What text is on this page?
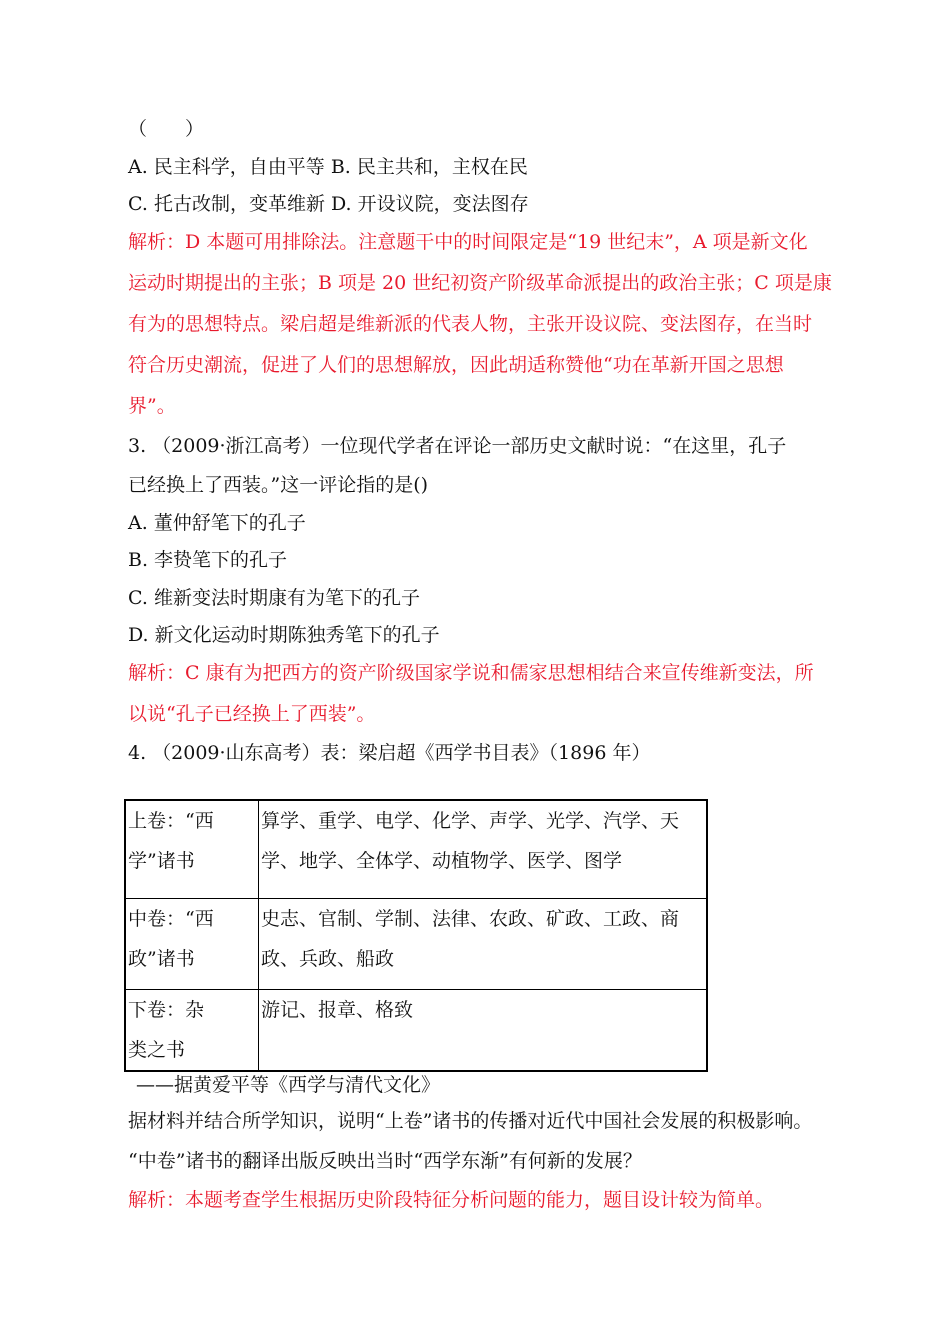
（　　）
A. 民主科学，自由平等 B. 民主共和，主权在民
C. 托古改制，变革维新 D. 开设议院，变法图存
解析：D 本题可用排除法。注意题干中的时间限定是“19 世纪末”，A 项是新文化
运动时期提出的主张；B 项是 20 世纪初资产阶级革命派提出的政治主张；C 项是康
有为的思想特点。梁启超是维新派的代表人物，主张开设议院、变法图存，在当时
符合历史潮流，促进了人们的思想解放，因此胡适称赞他“功在革新开国之思想
界”。
3. （2009·浙江高考）一位现代学者在评论一部历史文献时说：“在这里，孔子
已经换上了西装。”这一评论指的是()
A. 董仲舒笔下的孔子
B. 李贽笔下的孔子
C. 维新变法时期康有为笔下的孔子
D. 新文化运动时期陈独秀笔下的孔子
解析：C 康有为把西方的资产阶级国家学说和儒家思想相结合来宣传维新变法，所
以说“孔子已经换上了西装”。
4. （2009·山东高考）表：梁启超《西学书目表》（1896 年）
上卷：“西
学”诸书	算学、重学、电学、化学、声学、光学、汽学、天
学、地学、全体学、动植物学、医学、图学

中卷：“西
政”诸书	史志、官制、学制、法律、农政、矿政、工政、商
政、兵政、船政

下卷：杂
类之书	游记、报章、格致
——据黄爱平等《西学与清代文化》
据材料并结合所学知识，说明“上卷”诸书的传播对近代中国社会发展的积极影响。
“中卷”诸书的翻译出版反映出当时“西学东渐”有何新的发展？
解析：本题考查学生根据历史阶段特征分析问题的能力，题目设计较为简单。
